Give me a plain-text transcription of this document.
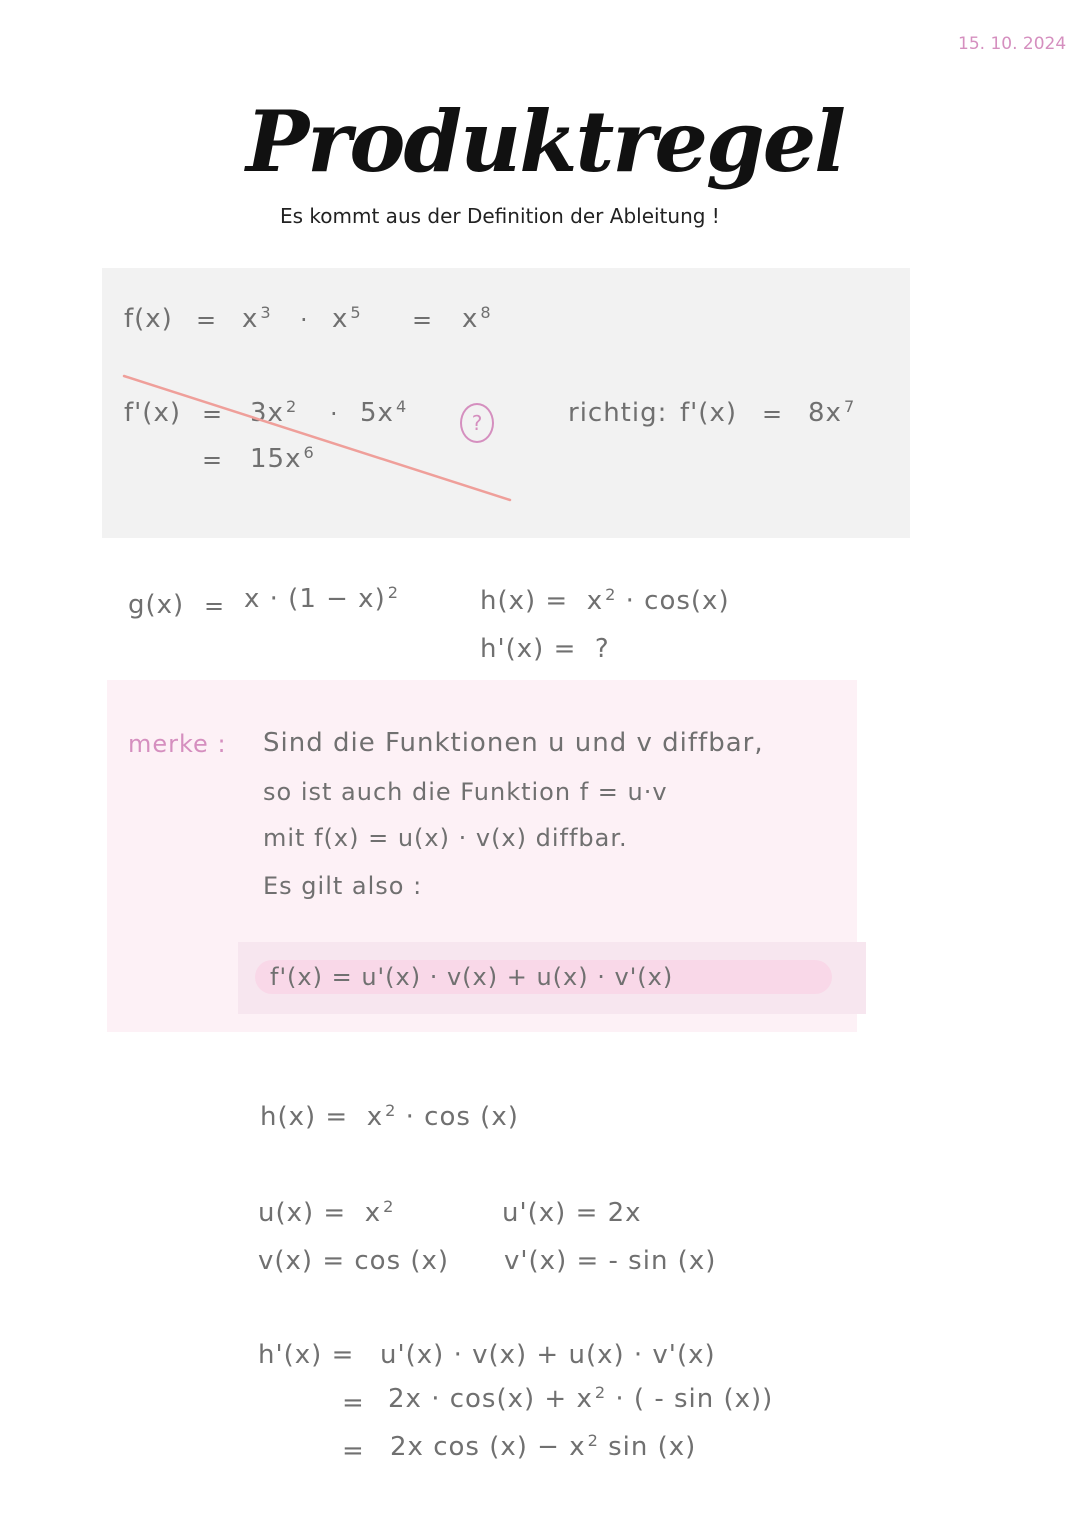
15. 10. 2024
Produktregel
Es kommt aus der Definition der Ableitung !
f(x) = x $^3$ · x $^5$ = x $^8$
f'(x) = 3x $^2$ · 5x $^4$
?
= 15x $^6$
richtig: f'(x) = 8x $^7$
g(x) = x · (1 − x) $^2$	h(x) = x $^2$ · cos(x)
h'(x) = ?
merke : Sind die Funktionen u und v diffbar,
so ist auch die Funktion f = u·v
mit f(x) = u(x) · v(x) diffbar.
Es gilt also :
f'(x) = u'(x) · v(x) + u(x) · v'(x)
h(x) = x $^2$ · cos (x)
u(x) = x $^2$	u'(x) = 2x
v(x) = cos (x) v'(x) = - sin (x)
h'(x) = u'(x) · v(x) + u(x) · v'(x)
= 2x · cos(x) + x $^2$ · ( - sin (x))
= 2x cos (x) − x $^2$ sin (x)
